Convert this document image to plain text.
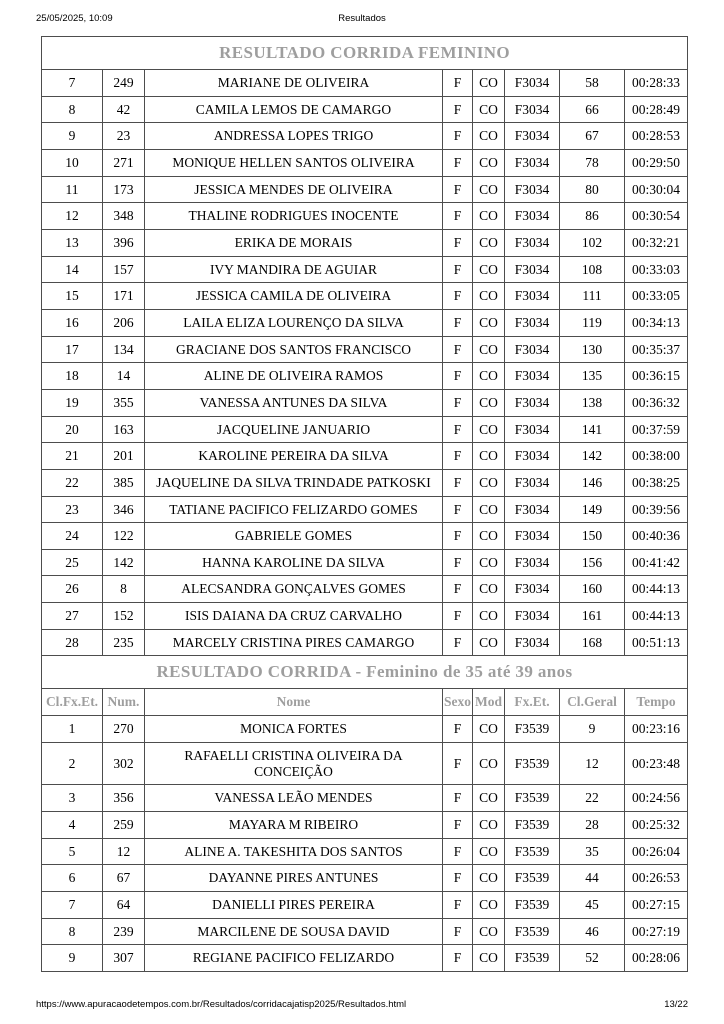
25/05/2025, 10:09	Resultados
RESULTADO CORRIDA FEMININO							
7	249	MARIANE DE OLIVEIRA	F	CO	F3034	58	00:28:33
8	42	CAMILA LEMOS DE CAMARGO	F	CO	F3034	66	00:28:49
9	23	ANDRESSA LOPES TRIGO	F	CO	F3034	67	00:28:53
10	271	MONIQUE HELLEN SANTOS OLIVEIRA	F	CO	F3034	78	00:29:50
11	173	JESSICA MENDES DE OLIVEIRA	F	CO	F3034	80	00:30:04
12	348	THALINE RODRIGUES INOCENTE	F	CO	F3034	86	00:30:54
13	396	ERIKA DE MORAIS	F	CO	F3034	102	00:32:21
14	157	IVY MANDIRA DE AGUIAR	F	CO	F3034	108	00:33:03
15	171	JESSICA CAMILA DE OLIVEIRA	F	CO	F3034	111	00:33:05
16	206	LAILA ELIZA LOURENÇO DA SILVA	F	CO	F3034	119	00:34:13
17	134	GRACIANE DOS SANTOS FRANCISCO	F	CO	F3034	130	00:35:37
18	14	ALINE DE OLIVEIRA RAMOS	F	CO	F3034	135	00:36:15
19	355	VANESSA ANTUNES DA SILVA	F	CO	F3034	138	00:36:32
20	163	JACQUELINE JANUARIO	F	CO	F3034	141	00:37:59
21	201	KAROLINE PEREIRA DA SILVA	F	CO	F3034	142	00:38:00
22	385	JAQUELINE DA SILVA TRINDADE PATKOSKI	F	CO	F3034	146	00:38:25
23	346	TATIANE PACIFICO FELIZARDO GOMES	F	CO	F3034	149	00:39:56
24	122	GABRIELE GOMES	F	CO	F3034	150	00:40:36
25	142	HANNA KAROLINE DA SILVA	F	CO	F3034	156	00:41:42
26	8	ALECSANDRA GONÇALVES GOMES	F	CO	F3034	160	00:44:13
27	152	ISIS DAIANA DA CRUZ CARVALHO	F	CO	F3034	161	00:44:13
28	235	MARCELY CRISTINA PIRES CAMARGO	F	CO	F3034	168	00:51:13
RESULTADO CORRIDA - Feminino de 35 até 39 anos							
Cl.Fx.Et.	Num.	Nome	Sexo	Mod	Fx.Et.	Cl.Geral	Tempo
1	270	MONICA FORTES	F	CO	F3539	9	00:23:16
2	302	RAFAELLI CRISTINA OLIVEIRA DA CONCEIÇÃO	F	CO	F3539	12	00:23:48
3	356	VANESSA LEÃO MENDES	F	CO	F3539	22	00:24:56
4	259	MAYARA M RIBEIRO	F	CO	F3539	28	00:25:32
5	12	ALINE A. TAKESHITA DOS SANTOS	F	CO	F3539	35	00:26:04
6	67	DAYANNE PIRES ANTUNES	F	CO	F3539	44	00:26:53
7	64	DANIELLI PIRES PEREIRA	F	CO	F3539	45	00:27:15
8	239	MARCILENE DE SOUSA DAVID	F	CO	F3539	46	00:27:19
9	307	REGIANE PACIFICO FELIZARDO	F	CO	F3539	52	00:28:06
https://www.apuracaodetempos.com.br/Resultados/corridacajatisp2025/Resultados.html	13/22
